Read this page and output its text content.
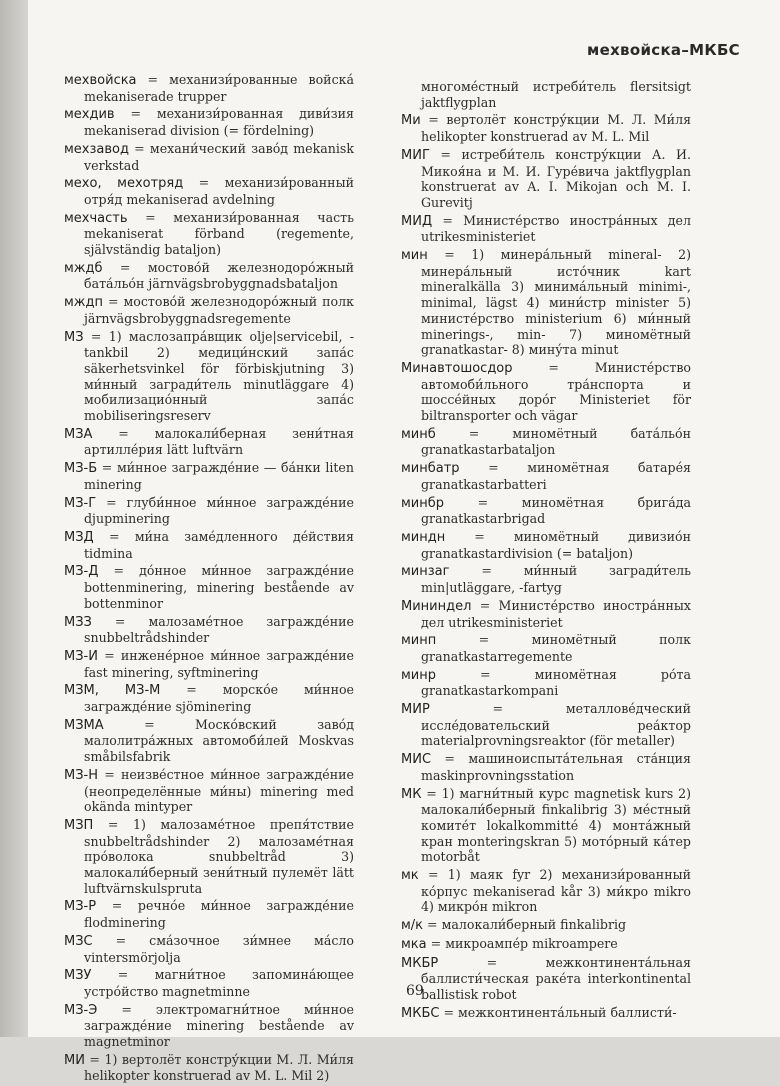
мехвойска–МКБС
мехвойска = механизи́рованные войска́ mekaniserade trupper
мехдив = механизи́рованная диви́зия mekaniserad division (= fördelning)
мехзавод = механи́ческий заво́д mekanisk verkstad
мехо, мехотряд = механизи́рованный отря́д mekaniserad avdelning
мехчасть = механизи́рованная часть mekaniserat förband (regemente, självständig bataljon)
мждб = мостово́й железнодоро́жный бата́льо́н järnvägsbrobyggnadsbataljon
мждп = мостово́й железнодоро́жный полк järnvägsbrobyggnadsregemente
МЗ = 1) маслозапра́вщик olje|servicebil, -tankbil 2) медици́нский запа́с säkerhetsvinkel för förbiskjutning 3) ми́нный загради́тель minutläggare 4) мобилизацио́нный запа́с mobiliseringsreserv
МЗА = малокали́берная зени́тная артилле́рия lätt luftvärn
МЗ-Б = ми́нное загражде́ние — ба́нки liten minering
МЗ-Г = глуби́нное ми́нное загражде́ние djupminering
МЗД = ми́на заме́дленного де́йствия tidmina
МЗ-Д = до́нное ми́нное загражде́ние bottenminering, minering bestående av bottenminor
МЗЗ = малозаме́тное загражде́ние snubbeltrådshinder
МЗ-И = инжене́рное ми́нное загражде́ние fast minering, syftminering
МЗМ, МЗ-М = морско́е ми́нное загражде́ние sjöminering
МЗМА = Моско́вский заво́д малолитра́жных автомоби́лей Moskvas småbilsfabrik
МЗ-Н = неизве́стное ми́нное загражде́ние (неопределённые ми́ны) minering med okända mintyper
МЗП = 1) малозаме́тное препя́тствие snubbeltrådshinder 2) малозаме́тная про́волока snubbeltråd 3) малокали́берный зени́тный пулемёт lätt luftvärnskulspruta
МЗ-Р = речно́е ми́нное загражде́ние flodminering
МЗС = сма́зочное зи́мнее ма́сло vintersmörjolja
МЗУ = магни́тное запомина́ющее устро́йство magnetminne
МЗ-Э = электромагни́тное ми́нное загражде́ние minering bestående av magnetminor
МИ = 1) вертолёт констру́кции М. Л. Ми́ля helikopter konstruerad av M. L. Mil 2)
многоме́стный истреби́тель flersitsigt jaktflygplan
Ми = вертолёт констру́кции М. Л. Ми́ля helikopter konstruerad av M. L. Mil
МИГ = истреби́тель констру́кции А. И. Микоя́на и М. И. Гуре́вича jaktflygplan konstruerat av A. I. Mikojan och M. I. Gurevitj
МИД = Министе́рство иностра́нных дел utrikesministeriet
мин = 1) минера́льный mineral- 2) минера́льный исто́чник kart mineralkälla 3) минима́льный minimi-, minimal, lägst 4) мини́стр minister 5) министе́рство ministerium 6) ми́нный minerings-, min- 7) миномётный granatkastar- 8) мину́та minut
Минавтошосдор = Министе́рство автомоби́льного тра́нспорта и шоссе́йных доро́г Ministeriet för biltransporter och vägar
минб = миномётный бата́льо́н granatkastarbataljon
минбатр = миномётная батаре́я granatkastarbatteri
минбр = миномётная брига́да granatkastarbrigad
миндн = миномётный дивизио́н granatkastardivision (= bataljon)
минзаг = ми́нный загради́тель min|utläggare, -fartyg
Мининдел = Министе́рство иностра́нных дел utrikesministeriet
минп = миномётный полк granatkastarregemente
минр = миномётная ро́та granatkastarkompani
МИР = металлове́дческий иссле́довательский реа́ктор materialprovningsreaktor (för metaller)
МИС = машиноиспыта́тельная ста́нция maskinprovningsstation
МК = 1) магни́тный курс magnetisk kurs 2) малокали́берный finkalibrig 3) ме́стный комите́т lokalkommitté 4) монта́жный кран monteringskran 5) мото́рный ка́тер motorbåt
мк = 1) маяк fyr 2) механизи́рованный ко́рпус mekaniserad kår 3) ми́кро mikro 4) микро́н mikron
м/к = малокали́берный finkalibrig
мка = микроампе́р mikroampere
МКБР = межконтинента́льная баллисти́ческая раке́та interkontinental ballistisk robot
МКБС = межконтинента́льный баллисти́-
69
